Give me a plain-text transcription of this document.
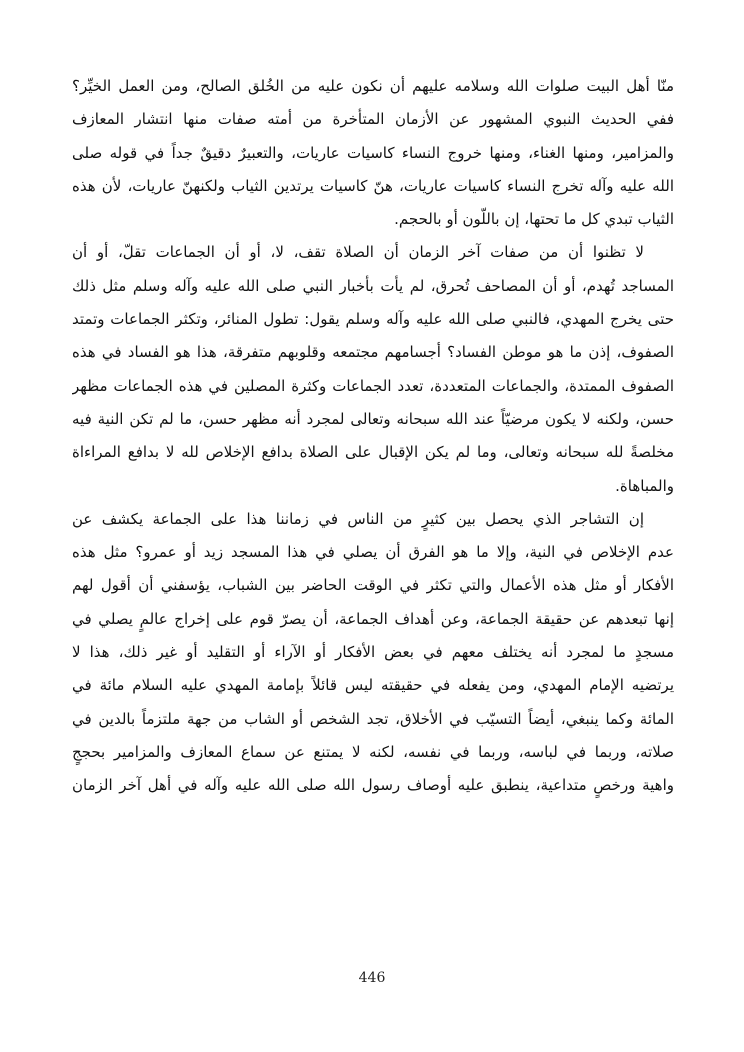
منّا أهل البيت صلوات الله وسلامه عليهم أن نكون عليه من الخُلق الصالح، ومن العمل الخيِّر؟
ففي الحديث النبوي المشهور عن الأزمان المتأخرة من أمته صفات منها انتشار المعازف
والمزامير، ومنها الغناء، ومنها خروج النساء كاسيات عاريات، والتعبيرٌ دقيقٌ جداً في قوله صلى
الله عليه وآله تخرج النساء كاسيات عاريات، هنّ كاسيات يرتدين الثياب ولكنهنّ عاريات، لأن هذه
الثياب تبدي كل ما تحتها، إن باللّون أو بالحجم.
لا تظنوا أن من صفات آخر الزمان أن الصلاة تقف، لا، أو أن الجماعات تقلّ، أو أن
المساجد تُهدم، أو أن المصاحف تُحرق، لم يأت بأخبار النبي صلى الله عليه وآله وسلم مثل ذلك
حتى يخرج المهدي، فالنبي صلى الله عليه وآله وسلم يقول: تطول المنائر، وتكثر الجماعات وتمتد
الصفوف، إذن ما هو موطن الفساد؟ أجسامهم مجتمعه وقلوبهم متفرقة، هذا هو الفساد في هذه
الصفوف الممتدة، والجماعات المتعددة، تعدد الجماعات وكثرة المصلين في هذه الجماعات مظهر
حسن، ولكنه لا يكون مرضيّاً عند الله سبحانه وتعالى لمجرد أنه مظهر حسن، ما لم تكن النية فيه
مخلصةً لله سبحانه وتعالى، وما لم يكن الإقبال على الصلاة بدافع الإخلاص لله لا بدافع المراءاة
والمباهاة.
إن التشاجر الذي يحصل بين كثيرٍ من الناس في زماننا هذا على الجماعة يكشف عن
عدم الإخلاص في النية، وإلا ما هو الفرق أن يصلي في هذا المسجد زيد أو عمرو؟ مثل هذه
الأفكار أو مثل هذه الأعمال والتي تكثر في الوقت الحاضر بين الشباب، يؤسفني أن أقول لهم
إنها تبعدهم عن حقيقة الجماعة، وعن أهداف الجماعة، أن يصرّ قوم على إخراج عالمٍ يصلي في
مسجدٍ ما لمجرد أنه يختلف معهم في بعض الأفكار أو الآراء أو التقليد أو غير ذلك، هذا لا
يرتضيه الإمام المهدي، ومن يفعله في حقيقته ليس قائلاً بإمامة المهدي عليه السلام مائة في
المائة وكما ينبغي، أيضاً التسيّب في الأخلاق، تجد الشخص أو الشاب من جهة ملتزماً بالدين في
صلاته، وربما في لباسه، وربما في نفسه، لكنه لا يمتنع عن سماع المعازف والمزامير بحججٍ
واهية ورخصٍ متداعية، ينطبق عليه أوصاف رسول الله صلى الله عليه وآله في أهل آخر الزمان
446
